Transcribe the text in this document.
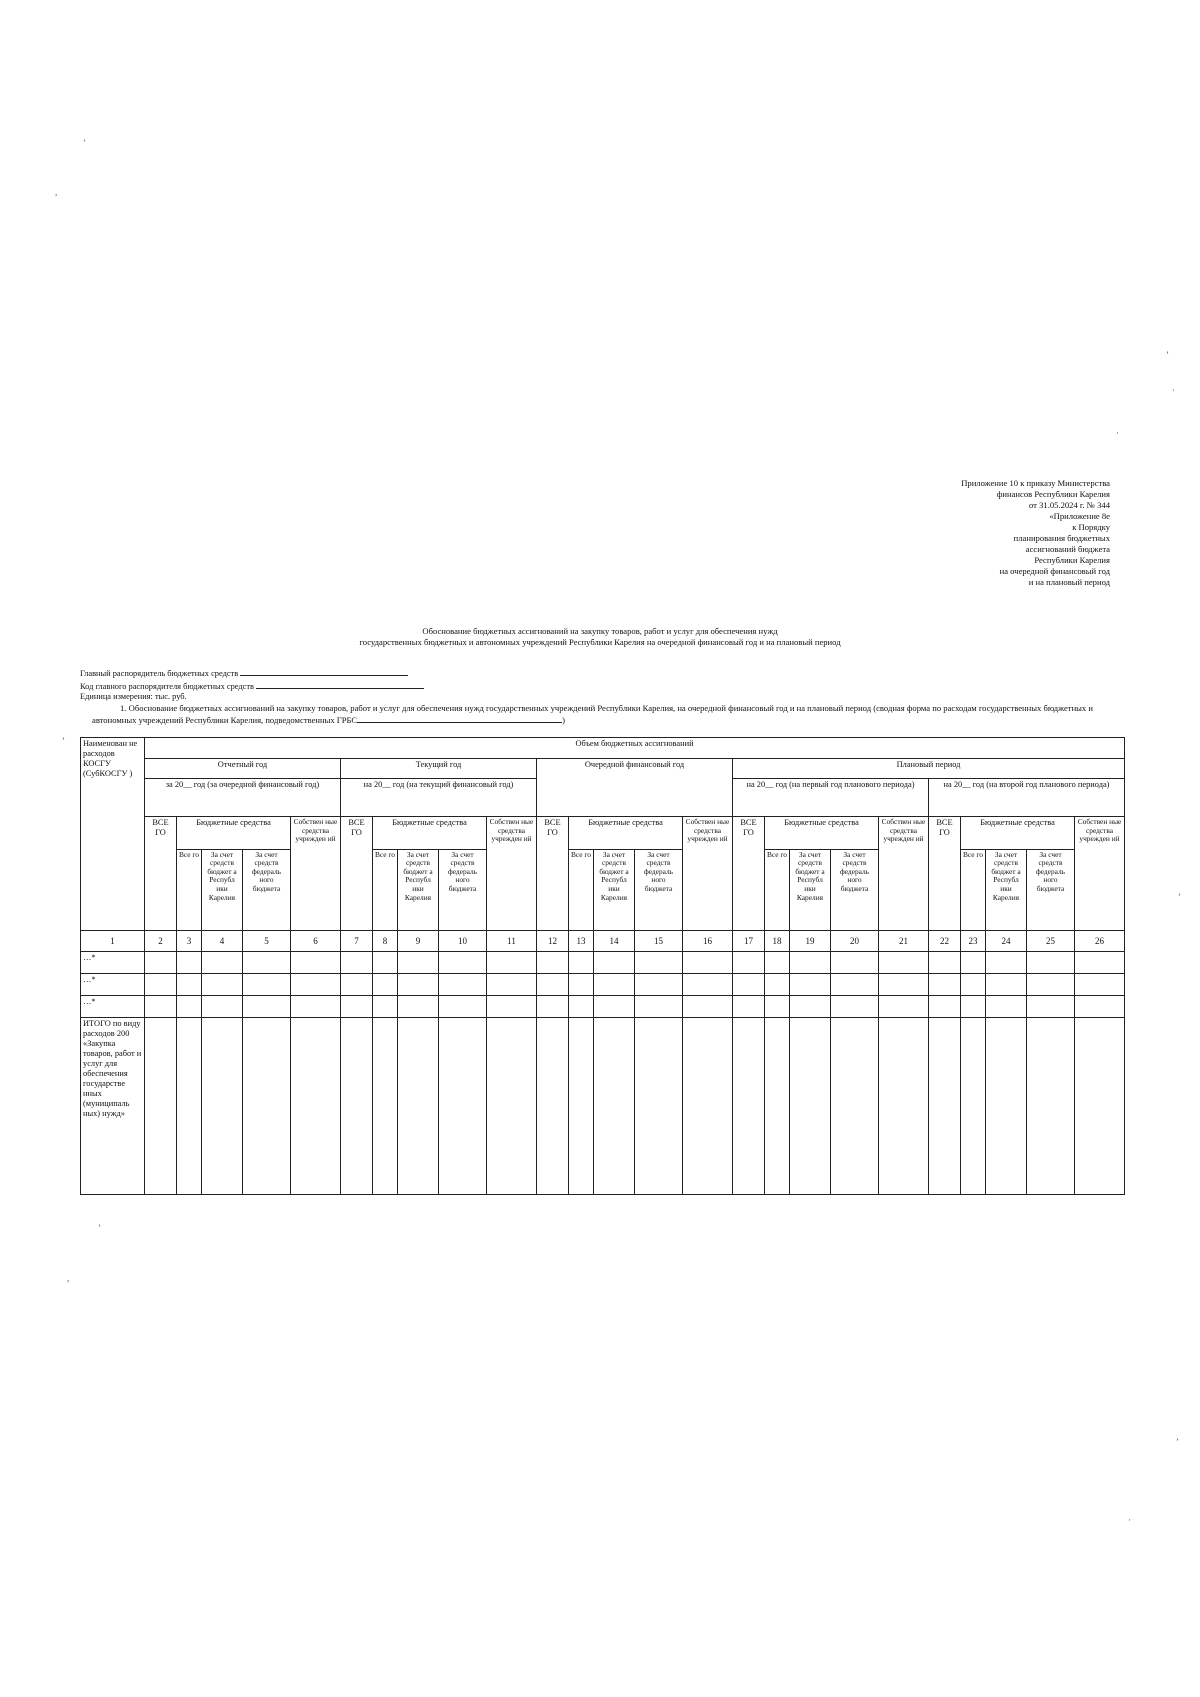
Приложение 10 к приказу Министерства
финансов Республики Карелия
от 31.05.2024 г. № 344
«Приложение 8е
к Порядку
планирования бюджетных
ассигнований бюджета
Республики Карелия
на очередной финансовый год
и на плановый период
Обоснование бюджетных ассигнований на закупку товаров, работ и услуг для обеспечения нужд
государственных бюджетных и автономных учреждений Республики Карелия на очередной финансовый год и на плановый период
Главный распорядитель бюджетных средств
Код главного распорядителя бюджетных средств
Единица измерения: тыс. руб.
1. Обоснование бюджетных ассигнований на закупку товаров, работ и услуг для обеспечения нужд государственных учреждений Республики Карелия, на очередной финансовый год и на плановый период (сводная форма по расходам государственных бюджетных и автономных учреждений Республики Карелия, подведомственных ГРБС	)
Наименован не расходов КОСГУ (СубКОСГУ )	Объем бюджетных ассигнований																									
	Отчетный год					Текущий год					Очередной финансовый год					Плановый период										
	за 20__ год (за очередной финансовый год)					на 20__ год (на текущий финансовый год)										на 20__ год (на первый год планового периода)					на 20__ год (на второй год планового периода)					
	ВСЕ ГО	Бюджетные средства			Собствен ные средства учрежден ий	ВСЕ ГО	Бюджетные средства			Собствен ные средства учрежден ий	ВСЕ ГО	Бюджетные средства			Собствен ные средства учрежден ий	ВСЕ ГО	Бюджетные средства			Собствен ные средства учрежден ий	ВСЕ ГО	Бюджетные средства			Собствен ные средства учрежден ий	
		Все го	За счет средств бюджет а Республ ики Карелия	За счет средств федераль ного бюджета			Все го	За счет средств бюджет а Республ ики Карелия	За счет средств федераль ного бюджета			Все го	За счет средств бюджет а Республ ики Карелия	За счет средств федераль ного бюджета			Все го	За счет средств бюджет а Республ ики Карелия	За счет средств федераль ного бюджета			Все го	За счет средств бюджет а Республ ики Карелия	За счет средств федераль ного бюджета		
1	2	3	4	5	6	7	8	9	10	11	12	13	14	15	16	17	18	19	20	21	22	23	24	25	26	
…*																										
…*																										
…*																										
ИТОГО по виду расходов 200 «Закупка товаров, работ и услуг для обеспечения государстве нных (муниципаль ных) нужд»																										
ʼ
,
ʼ
·
·
ʼ
ʼ
ʼ
,
ʼ
·
